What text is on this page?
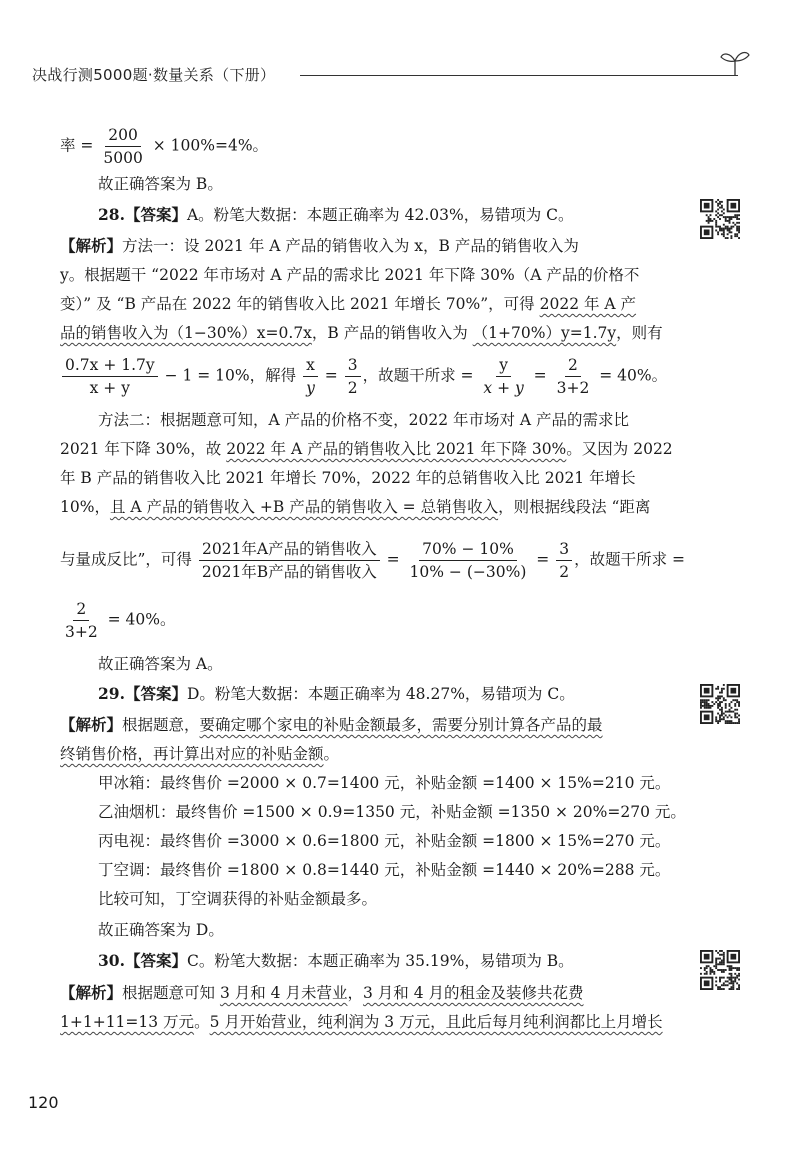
决战行测5000题·数量关系（下册）
率 = $\frac{200}{5000} \times 100\%=4\%$。
故正确答案为 B。
28.【答案】A。粉笔大数据：本题正确率为 42.03%，易错项为 C。
【解析】方法一：设 2021 年 A 产品的销售收入为 x，B 产品的销售收入为
y。根据题干 “2022 年市场对 A 产品的需求比 2021 年下降 30%（A 产品的价格不
变）” 及 “B 产品在 2022 年的销售收入比 2021 年增长 70%”，可得 2022 年 A 产
品的销售收入为（1−30%）x=0.7x，B 产品的销售收入为 （1+70%）y=1.7y，则有
$\frac{0.7x + 1.7y}{x + y} - 1 = 10\%$，解得 $\frac{x}{y} = \frac{3}{2}$ ，故题干所求 = $\frac{y}{x + y} = \frac{2}{3+2} = 40\%$。
方法二：根据题意可知，A 产品的价格不变，2022 年市场对 A 产品的需求比
2021 年下降 30%，故 2022 年 A 产品的销售收入比 2021 年下降 30%。又因为 2022
年 B 产品的销售收入比 2021 年增长 70%，2022 年的总销售收入比 2021 年增长
10%，且 A 产品的销售收入 +B 产品的销售收入 = 总销售收入，则根据线段法 “距离
与量成反比”，可得 $\frac{\text{2021年A产品的销售收入}}{\text{2021年B产品的销售收入}} = \frac{70\% - 10\%}{10\% - (-30\%)} = \frac{3}{2}$ ，故题干所求 =
$\frac{2}{3+2} = 40\%$。
故正确答案为 A。
29.【答案】D。粉笔大数据：本题正确率为 48.27%，易错项为 C。
【解析】根据题意，要确定哪个家电的补贴金额最多，需要分别计算各产品的最
终销售价格，再计算出对应的补贴金额。
甲冰箱：最终售价 =2000 × 0.7=1400 元，补贴金额 =1400 × 15%=210 元。
乙油烟机：最终售价 =1500 × 0.9=1350 元，补贴金额 =1350 × 20%=270 元。
丙电视：最终售价 =3000 × 0.6=1800 元，补贴金额 =1800 × 15%=270 元。
丁空调：最终售价 =1800 × 0.8=1440 元，补贴金额 =1440 × 20%=288 元。
比较可知，丁空调获得的补贴金额最多。
故正确答案为 D。
30.【答案】C。粉笔大数据：本题正确率为 35.19%，易错项为 B。
【解析】根据题意可知 3 月和 4 月未营业，3 月和 4 月的租金及装修共花费
1+1+11=13 万元。5 月开始营业，纯利润为 3 万元，且此后每月纯利润都比上月增长
120
